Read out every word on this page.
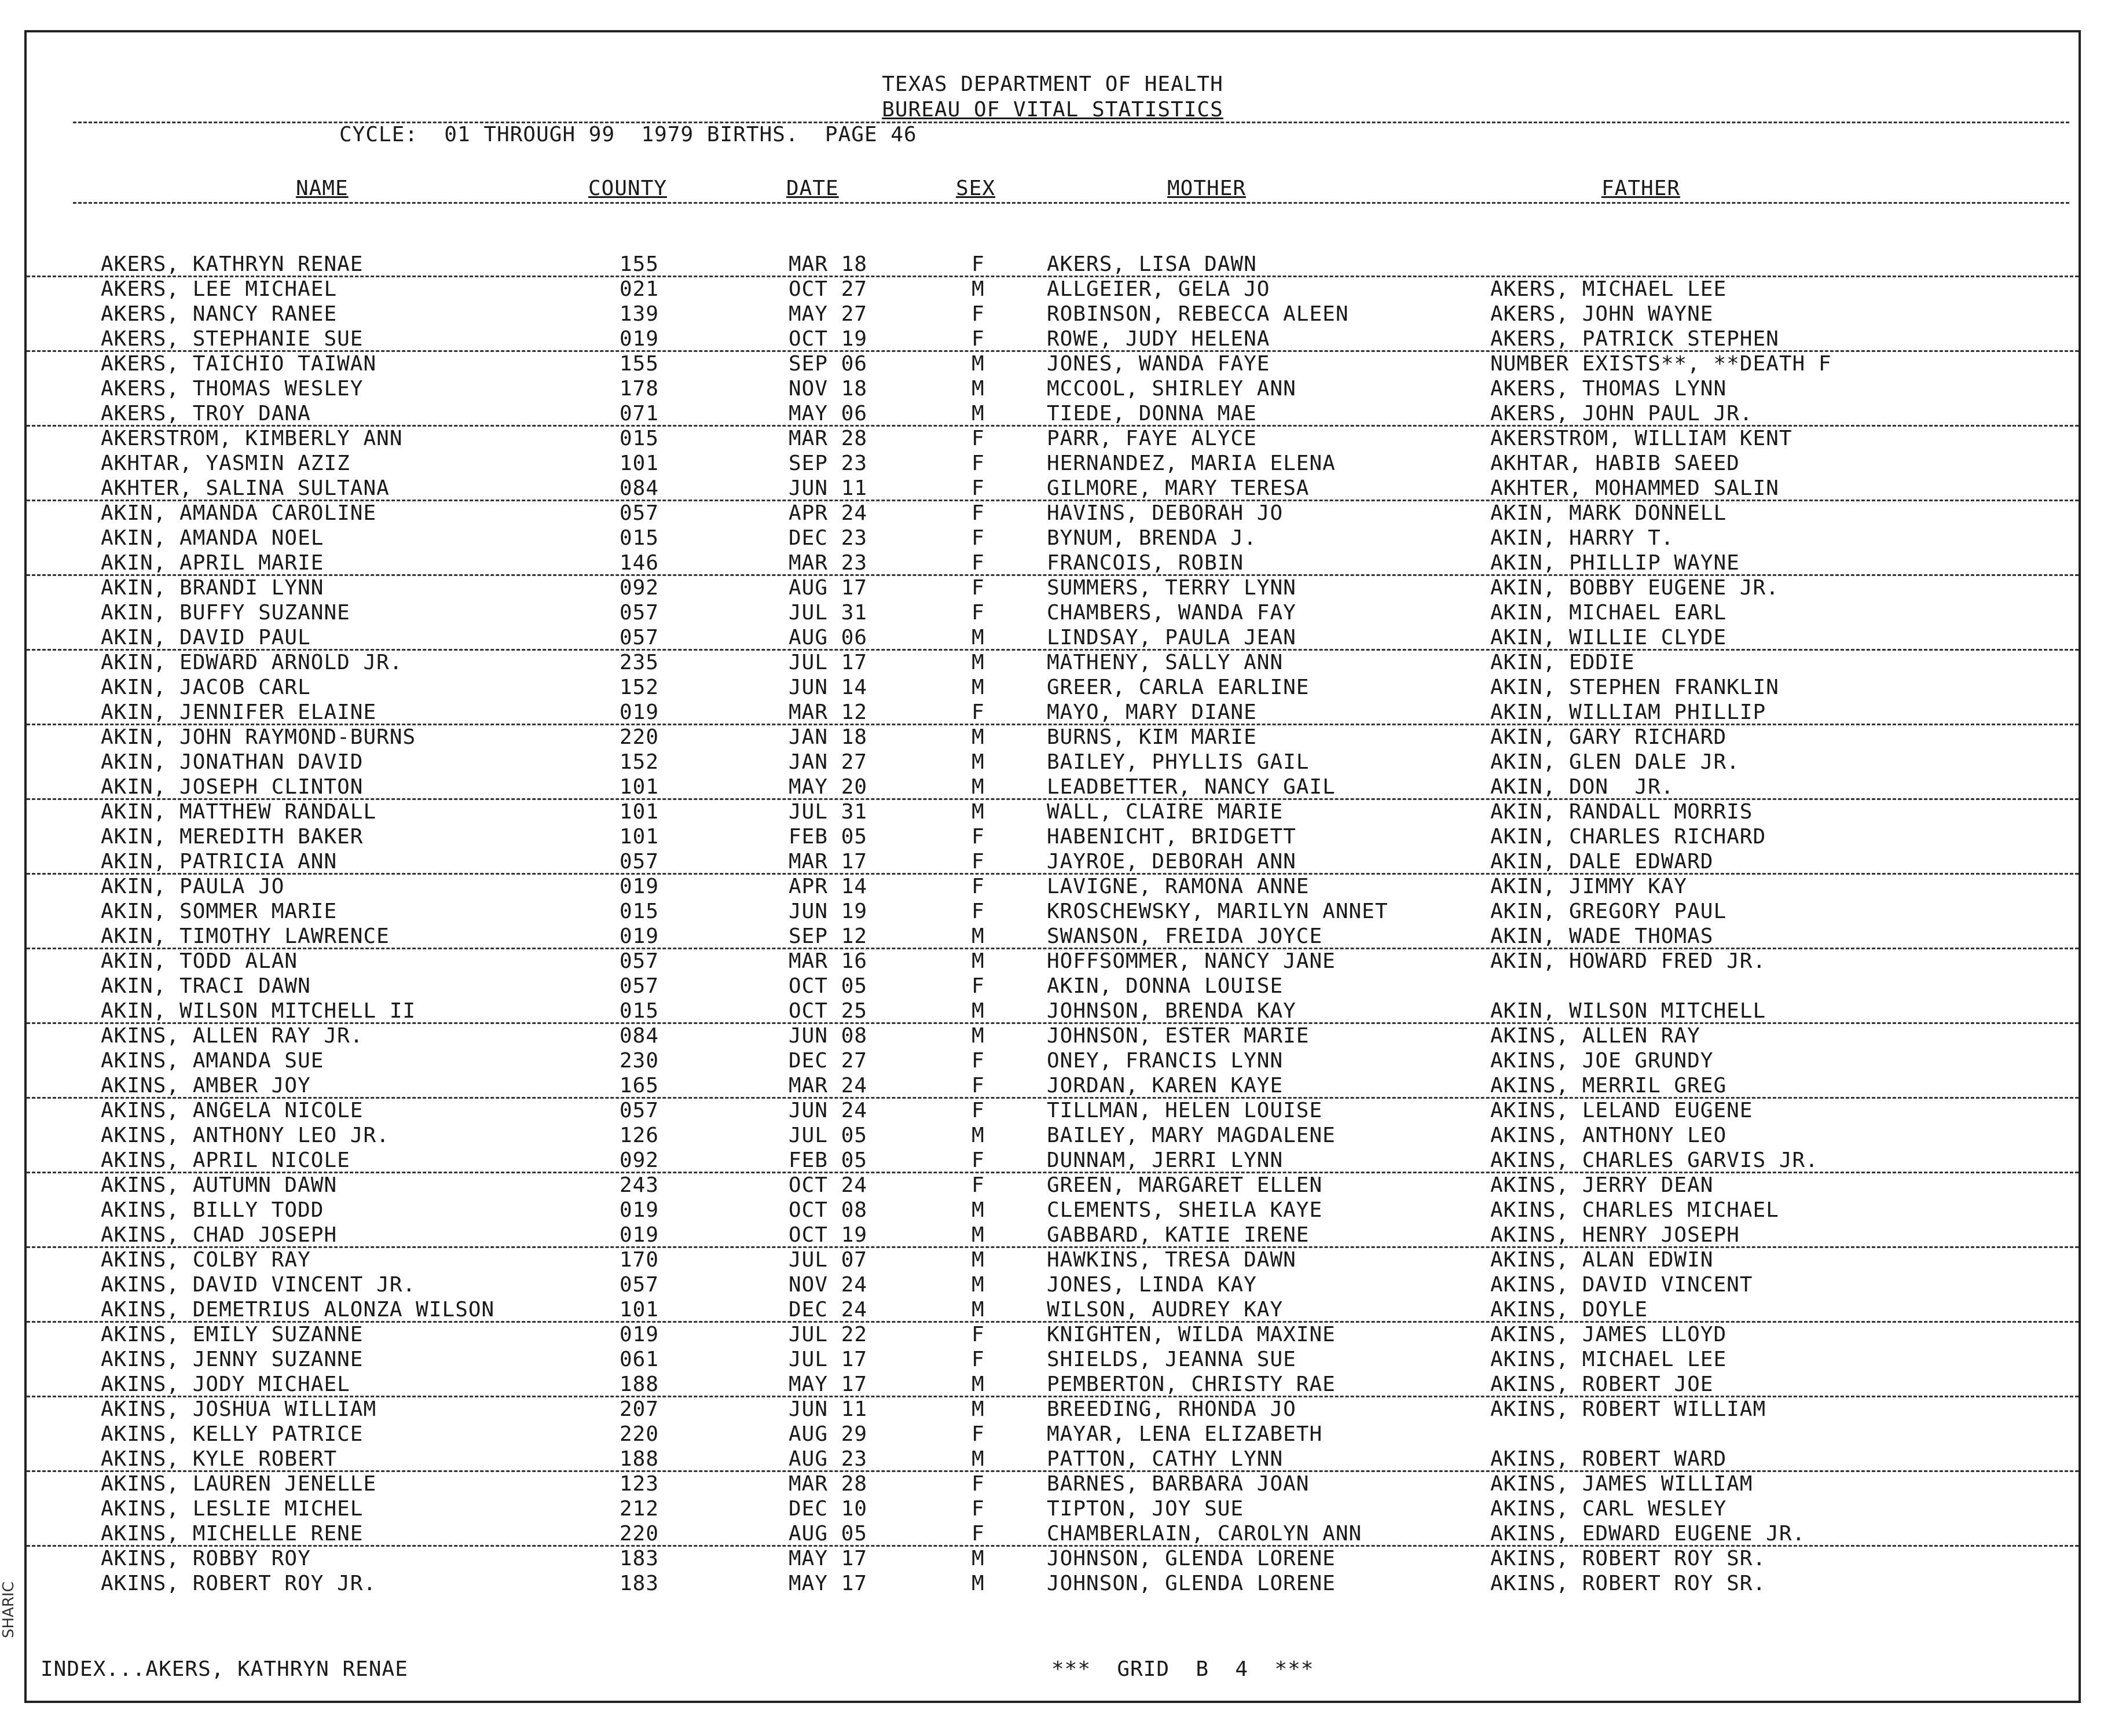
TEXAS DEPARTMENT OF HEALTH
BUREAU OF VITAL STATISTICS
CYCLE:  01 THROUGH 99  1979 BIRTHS.  PAGE 46
NAME	COUNTY	DATE	SEX	MOTHER	FATHER
AKERS, KATHRYN RENAE	155	MAR 18	F	AKERS, LISA DAWN
AKERS, LEE MICHAEL	021	OCT 27	M	ALLGEIER, GELA JO	AKERS, MICHAEL LEE
AKERS, NANCY RANEE	139	MAY 27	F	ROBINSON, REBECCA ALEEN	AKERS, JOHN WAYNE
AKERS, STEPHANIE SUE	019	OCT 19	F	ROWE, JUDY HELENA	AKERS, PATRICK STEPHEN
AKERS, TAICHIO TAIWAN	155	SEP 06	M	JONES, WANDA FAYE	NUMBER EXISTS**, **DEATH F
AKERS, THOMAS WESLEY	178	NOV 18	M	MCCOOL, SHIRLEY ANN	AKERS, THOMAS LYNN
AKERS, TROY DANA	071	MAY 06	M	TIEDE, DONNA MAE	AKERS, JOHN PAUL JR.
AKERSTROM, KIMBERLY ANN	015	MAR 28	F	PARR, FAYE ALYCE	AKERSTROM, WILLIAM KENT
AKHTAR, YASMIN AZIZ	101	SEP 23	F	HERNANDEZ, MARIA ELENA	AKHTAR, HABIB SAEED
AKHTER, SALINA SULTANA	084	JUN 11	F	GILMORE, MARY TERESA	AKHTER, MOHAMMED SALIN
AKIN, AMANDA CAROLINE	057	APR 24	F	HAVINS, DEBORAH JO	AKIN, MARK DONNELL
AKIN, AMANDA NOEL	015	DEC 23	F	BYNUM, BRENDA J.	AKIN, HARRY T.
AKIN, APRIL MARIE	146	MAR 23	F	FRANCOIS, ROBIN	AKIN, PHILLIP WAYNE
AKIN, BRANDI LYNN	092	AUG 17	F	SUMMERS, TERRY LYNN	AKIN, BOBBY EUGENE JR.
AKIN, BUFFY SUZANNE	057	JUL 31	F	CHAMBERS, WANDA FAY	AKIN, MICHAEL EARL
AKIN, DAVID PAUL	057	AUG 06	M	LINDSAY, PAULA JEAN	AKIN, WILLIE CLYDE
AKIN, EDWARD ARNOLD JR.	235	JUL 17	M	MATHENY, SALLY ANN	AKIN, EDDIE
AKIN, JACOB CARL	152	JUN 14	M	GREER, CARLA EARLINE	AKIN, STEPHEN FRANKLIN
AKIN, JENNIFER ELAINE	019	MAR 12	F	MAYO, MARY DIANE	AKIN, WILLIAM PHILLIP
AKIN, JOHN RAYMOND-BURNS	220	JAN 18	M	BURNS, KIM MARIE	AKIN, GARY RICHARD
AKIN, JONATHAN DAVID	152	JAN 27	M	BAILEY, PHYLLIS GAIL	AKIN, GLEN DALE JR.
AKIN, JOSEPH CLINTON	101	MAY 20	M	LEADBETTER, NANCY GAIL	AKIN, DON  JR.
AKIN, MATTHEW RANDALL	101	JUL 31	M	WALL, CLAIRE MARIE	AKIN, RANDALL MORRIS
AKIN, MEREDITH BAKER	101	FEB 05	F	HABENICHT, BRIDGETT	AKIN, CHARLES RICHARD
AKIN, PATRICIA ANN	057	MAR 17	F	JAYROE, DEBORAH ANN	AKIN, DALE EDWARD
AKIN, PAULA JO	019	APR 14	F	LAVIGNE, RAMONA ANNE	AKIN, JIMMY KAY
AKIN, SOMMER MARIE	015	JUN 19	F	KROSCHEWSKY, MARILYN ANNET	AKIN, GREGORY PAUL
AKIN, TIMOTHY LAWRENCE	019	SEP 12	M	SWANSON, FREIDA JOYCE	AKIN, WADE THOMAS
AKIN, TODD ALAN	057	MAR 16	M	HOFFSOMMER, NANCY JANE	AKIN, HOWARD FRED JR.
AKIN, TRACI DAWN	057	OCT 05	F	AKIN, DONNA LOUISE
AKIN, WILSON MITCHELL II	015	OCT 25	M	JOHNSON, BRENDA KAY	AKIN, WILSON MITCHELL
AKINS, ALLEN RAY JR.	084	JUN 08	M	JOHNSON, ESTER MARIE	AKINS, ALLEN RAY
AKINS, AMANDA SUE	230	DEC 27	F	ONEY, FRANCIS LYNN	AKINS, JOE GRUNDY
AKINS, AMBER JOY	165	MAR 24	F	JORDAN, KAREN KAYE	AKINS, MERRIL GREG
AKINS, ANGELA NICOLE	057	JUN 24	F	TILLMAN, HELEN LOUISE	AKINS, LELAND EUGENE
AKINS, ANTHONY LEO JR.	126	JUL 05	M	BAILEY, MARY MAGDALENE	AKINS, ANTHONY LEO
AKINS, APRIL NICOLE	092	FEB 05	F	DUNNAM, JERRI LYNN	AKINS, CHARLES GARVIS JR.
AKINS, AUTUMN DAWN	243	OCT 24	F	GREEN, MARGARET ELLEN	AKINS, JERRY DEAN
AKINS, BILLY TODD	019	OCT 08	M	CLEMENTS, SHEILA KAYE	AKINS, CHARLES MICHAEL
AKINS, CHAD JOSEPH	019	OCT 19	M	GABBARD, KATIE IRENE	AKINS, HENRY JOSEPH
AKINS, COLBY RAY	170	JUL 07	M	HAWKINS, TRESA DAWN	AKINS, ALAN EDWIN
AKINS, DAVID VINCENT JR.	057	NOV 24	M	JONES, LINDA KAY	AKINS, DAVID VINCENT
AKINS, DEMETRIUS ALONZA WILSON	101	DEC 24	M	WILSON, AUDREY KAY	AKINS, DOYLE
AKINS, EMILY SUZANNE	019	JUL 22	F	KNIGHTEN, WILDA MAXINE	AKINS, JAMES LLOYD
AKINS, JENNY SUZANNE	061	JUL 17	F	SHIELDS, JEANNA SUE	AKINS, MICHAEL LEE
AKINS, JODY MICHAEL	188	MAY 17	M	PEMBERTON, CHRISTY RAE	AKINS, ROBERT JOE
AKINS, JOSHUA WILLIAM	207	JUN 11	M	BREEDING, RHONDA JO	AKINS, ROBERT WILLIAM
AKINS, KELLY PATRICE	220	AUG 29	F	MAYAR, LENA ELIZABETH
AKINS, KYLE ROBERT	188	AUG 23	M	PATTON, CATHY LYNN	AKINS, ROBERT WARD
AKINS, LAUREN JENELLE	123	MAR 28	F	BARNES, BARBARA JOAN	AKINS, JAMES WILLIAM
AKINS, LESLIE MICHEL	212	DEC 10	F	TIPTON, JOY SUE	AKINS, CARL WESLEY
AKINS, MICHELLE RENE	220	AUG 05	F	CHAMBERLAIN, CAROLYN ANN	AKINS, EDWARD EUGENE JR.
AKINS, ROBBY ROY	183	MAY 17	M	JOHNSON, GLENDA LORENE	AKINS, ROBERT ROY SR.
AKINS, ROBERT ROY JR.	183	MAY 17	M	JOHNSON, GLENDA LORENE	AKINS, ROBERT ROY SR.
INDEX...AKERS, KATHRYN RENAE	***  GRID  B  4  ***
SHARIC
